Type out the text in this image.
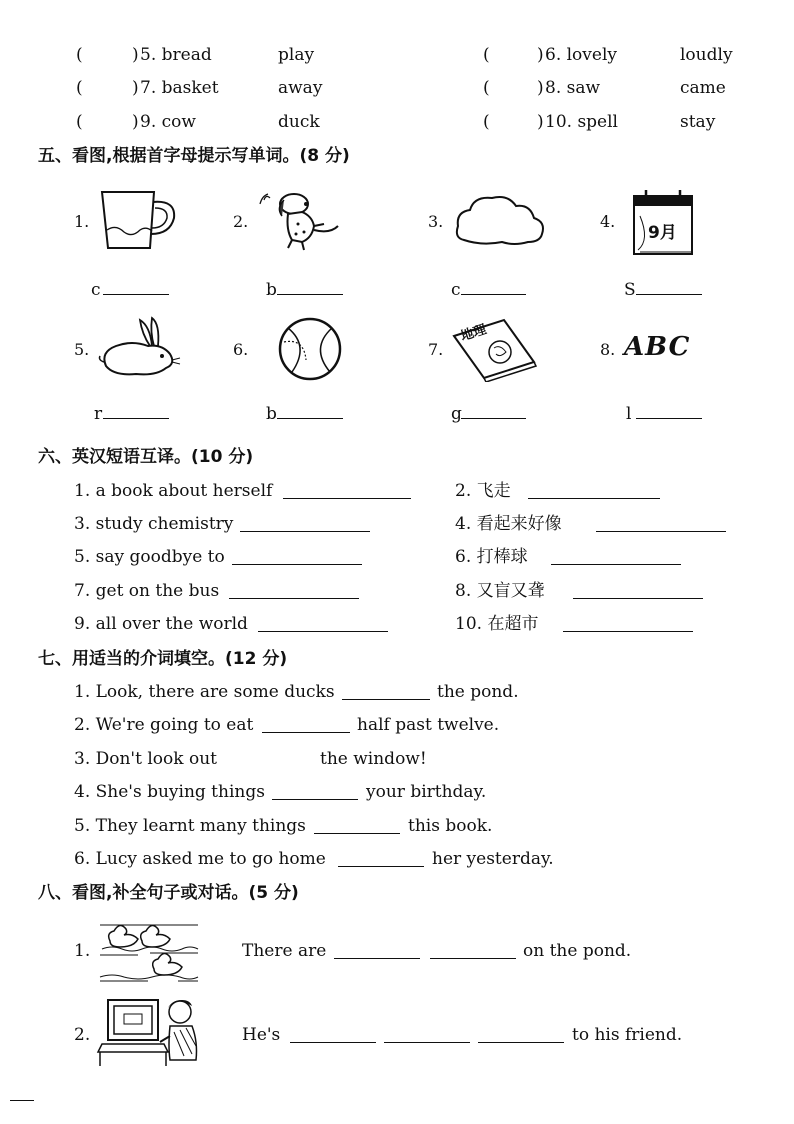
(	) 5. bread	play	(	) 6. lovely	loudly
(	) 7. basket	away	(	) 8. saw	came
(	) 9. cow	duck	(	) 10. spell	stay
五、看图,根据首字母提示写单词。(8 分)
1.	2.	3.	4.
9月
c	b	c	S
5.	6.	7.
地理
8. ABC
r	b	g	l
六、英汉短语互译。(10 分)
1. a book about herself	2. 飞走
3. study chemistry	4. 看起来好像
5. say goodbye to	6. 打棒球
7. get on the bus	8. 又盲又聋
9. all over the world	10. 在超市
七、用适当的介词填空。(12 分)
1. Look, there are some ducks	the pond.
2. We're going to eat	half past twelve.
3. Don't look out	the window!
4. She's buying things	your birthday.
5. They learnt many things	this book.
6. Lucy asked me to go home	her yesterday.
八、看图,补全句子或对话。(5 分)
1.	There are	on the pond.
2.	He's	to his friend.
